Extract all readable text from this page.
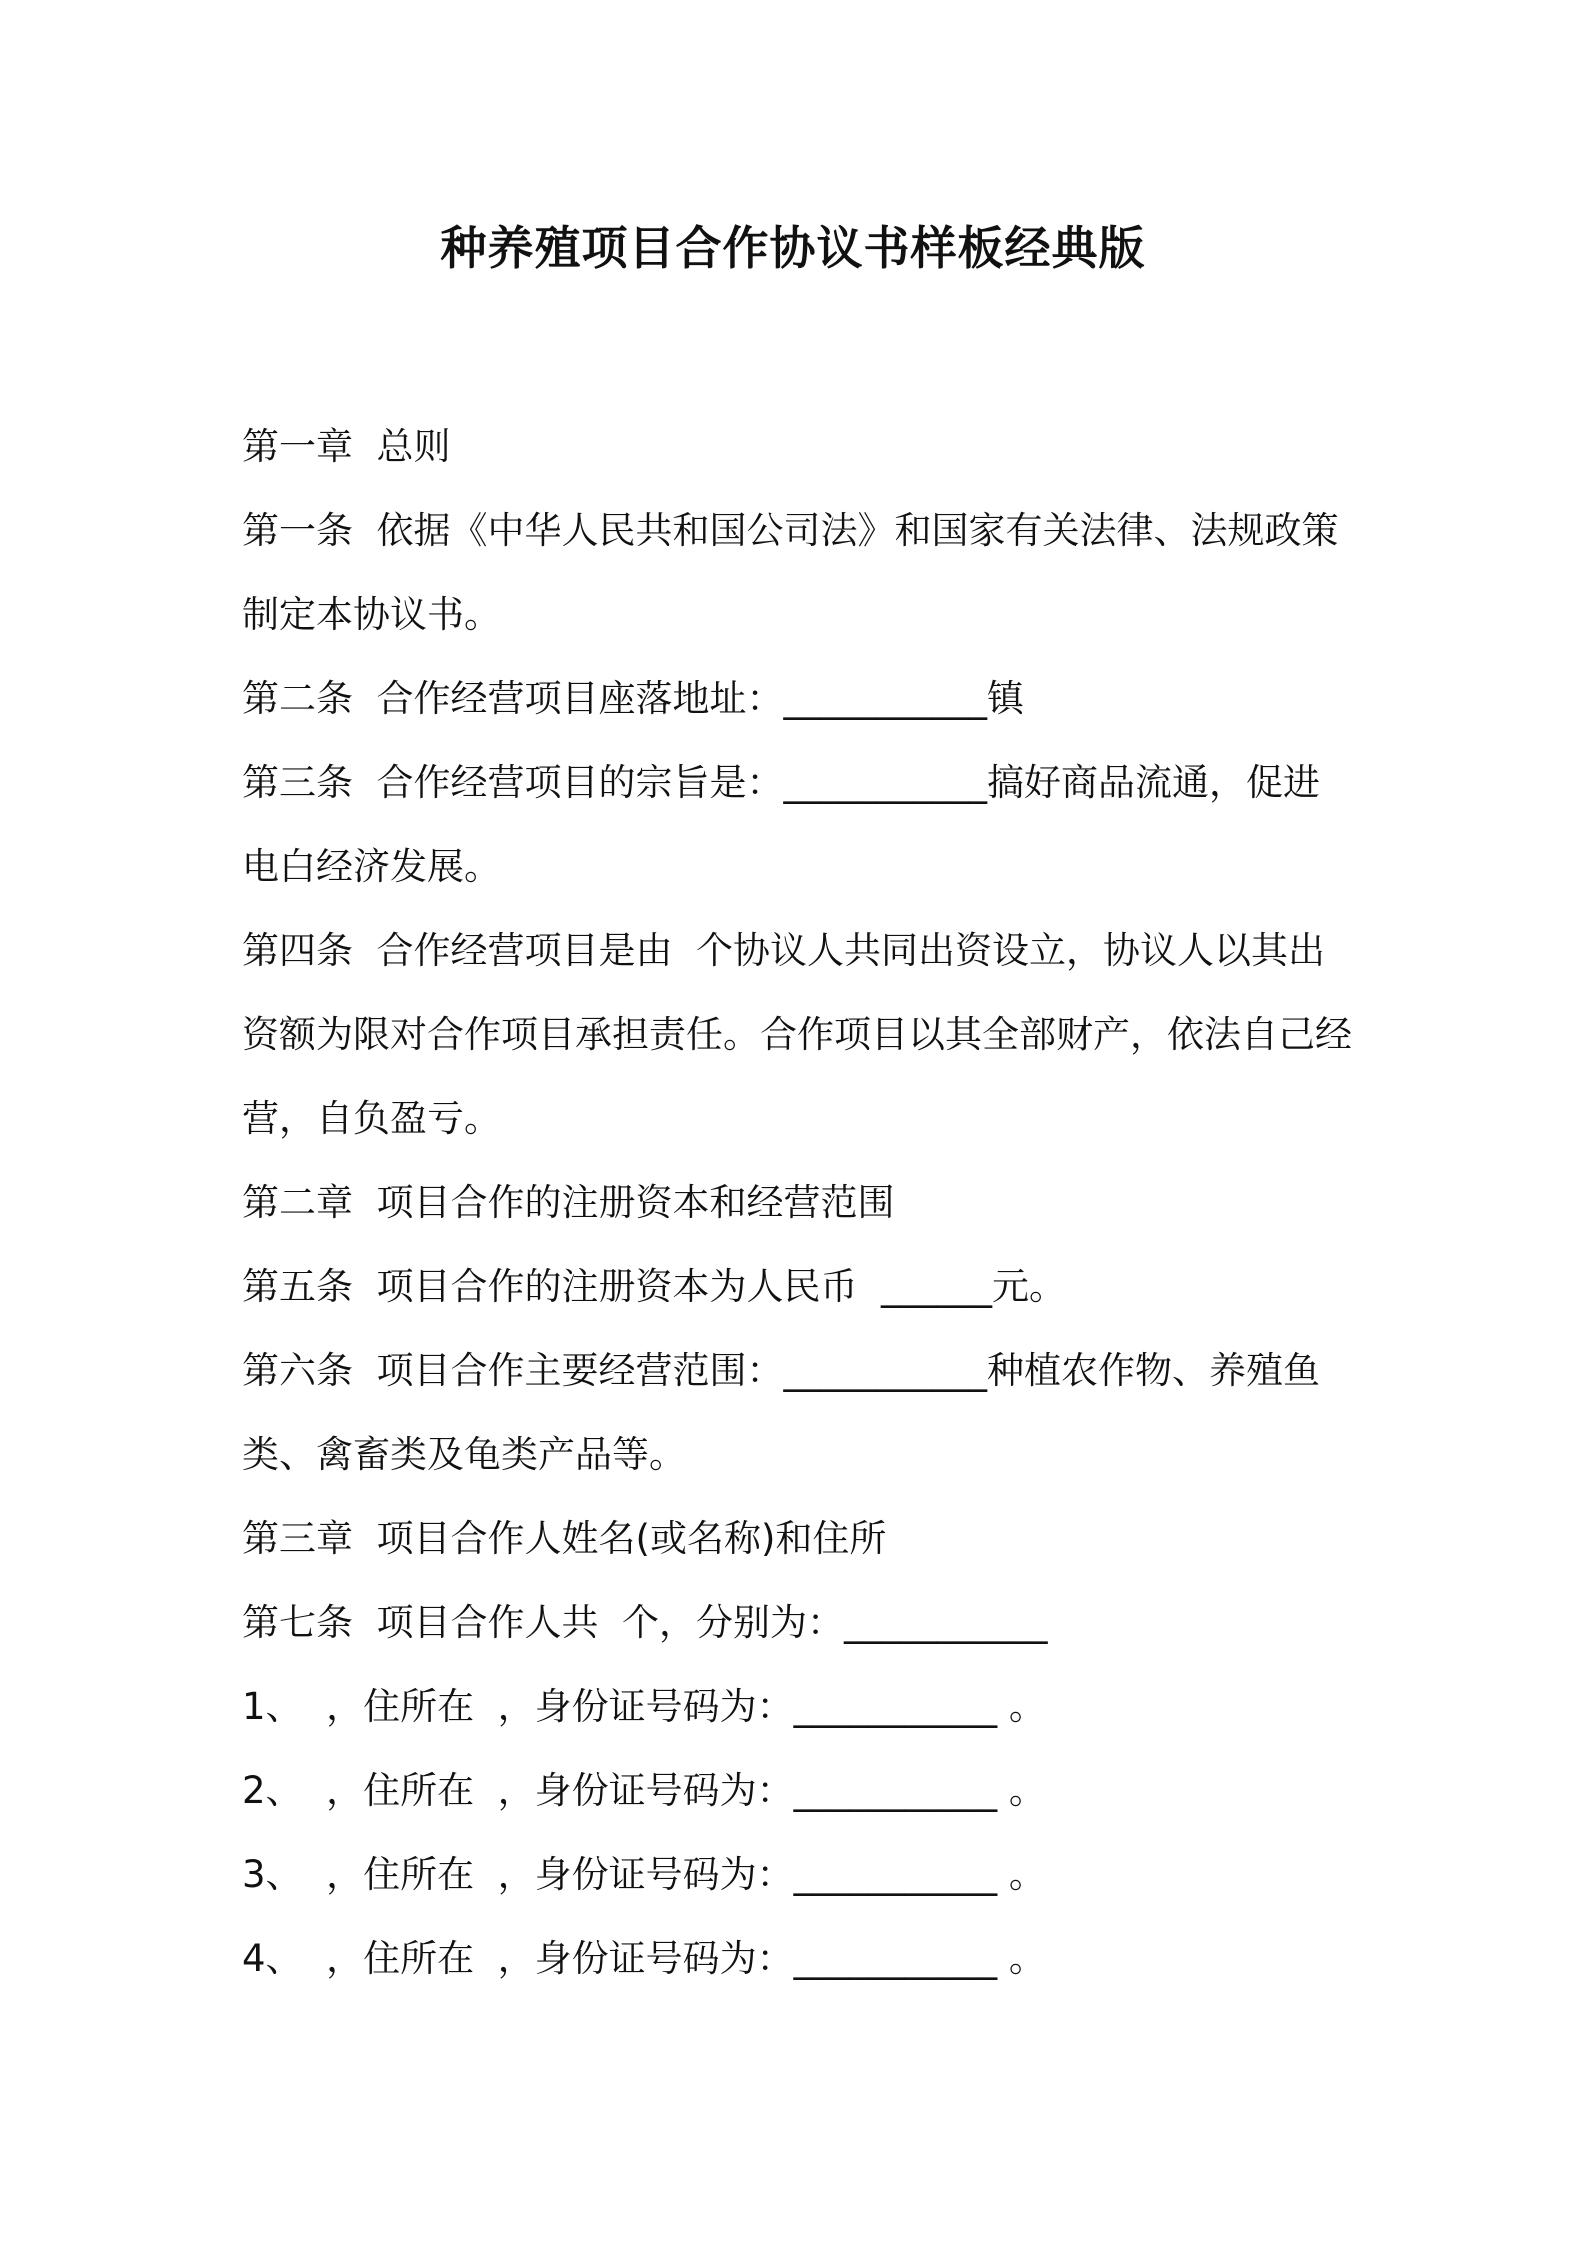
种养殖项目合作协议书样板经典版

第一章  总则

第一条  依据《中华人民共和国公司法》和国家有关法律、法规政策制定本协议书。

第二条  合作经营项目座落地址：___________镇

第三条  合作经营项目的宗旨是：___________搞好商品流通，促进电白经济发展。

第四条  合作经营项目是由  个协议人共同出资设立，协议人以其出资额为限对合作项目承担责任。合作项目以其全部财产，依法自己经营，自负盈亏。

第二章  项目合作的注册资本和经营范围

第五条  项目合作的注册资本为人民币  ______元。

第六条  项目合作主要经营范围：___________种植农作物、养殖鱼类、禽畜类及龟类产品等。

第三章  项目合作人姓名(或名称)和住所

第七条  项目合作人共  个，分别为：___________

1、  ，住所在  ，身份证号码为：___________ 。

2、  ，住所在  ，身份证号码为：___________ 。

3、  ，住所在  ，身份证号码为：___________ 。

4、  ，住所在  ，身份证号码为：___________ 。
